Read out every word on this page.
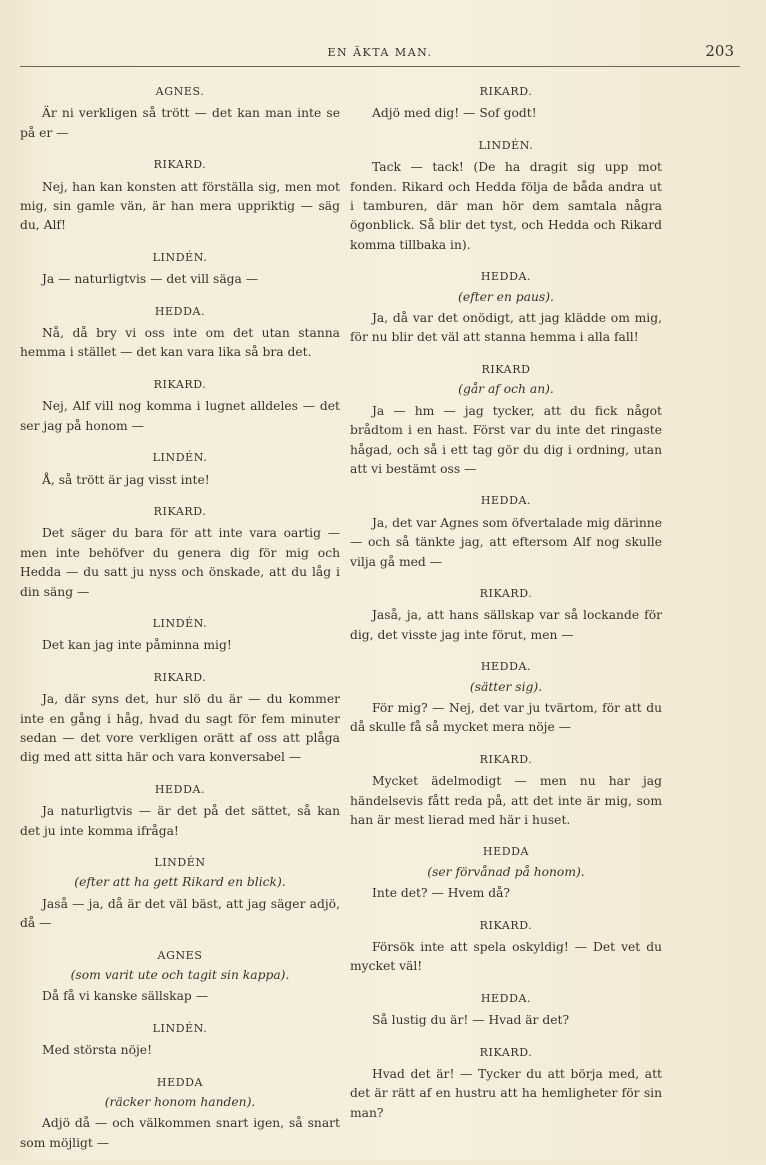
EN ÄKTA MAN.	203
AGNES.
Är ni verkligen så trött — det kan man inte se på er —
RIKARD.
Nej, han kan konsten att förställa sig, men mot mig, sin gamle vän, är han mera uppriktig — säg du, Alf!
LINDÉN.
Ja — naturligtvis — det vill säga —
HEDDA.
Nå, då bry vi oss inte om det utan stanna hemma i stället — det kan vara lika så bra det.
RIKARD.
Nej, Alf vill nog komma i lugnet alldeles — det ser jag på honom —
LINDÉN.
Å, så trött är jag visst inte!
RIKARD.
Det säger du bara för att inte vara oartig — men inte behöfver du genera dig för mig och Hedda — du satt ju nyss och önskade, att du låg i din säng —
LINDÉN.
Det kan jag inte påminna mig!
RIKARD.
Ja, där syns det, hur slö du är — du kommer inte en gång i håg, hvad du sagt för fem minuter sedan — det vore verkligen orätt af oss att plåga dig med att sitta här och vara konversabel —
HEDDA.
Ja naturligtvis — är det på det sättet, så kan det ju inte komma ifråga!
LINDÉN
(efter att ha gett Rikard en blick).
Jaså — ja, då är det väl bäst, att jag säger adjö, då —
AGNES
(som varit ute och tagit sin kappa).
Då få vi kanske sällskap —
LINDÉN.
Med största nöje!
HEDDA
(räcker honom handen).
Adjö då — och välkommen snart igen, så snart som möjligt —
RIKARD.
Adjö med dig! — Sof godt!
LINDÉN.
Tack — tack! (De ha dragit sig upp mot fonden. Rikard och Hedda följa de båda andra ut i tamburen, där man hör dem samtala några ögonblick. Så blir det tyst, och Hedda och Rikard komma tillbaka in).
HEDDA.
(efter en paus).
Ja, då var det onödigt, att jag klädde om mig, för nu blir det väl att stanna hemma i alla fall!
RIKARD
(går af och an).
Ja — hm — jag tycker, att du fick något brådtom i en hast. Först var du inte det ringaste hågad, och så i ett tag gör du dig i ordning, utan att vi bestämt oss —
HEDDA.
Ja, det var Agnes som öfvertalade mig därinne — och så tänkte jag, att eftersom Alf nog skulle vilja gå med —
RIKARD.
Jaså, ja, att hans sällskap var så lockande för dig, det visste jag inte förut, men —
HEDDA.
(sätter sig).
För mig? — Nej, det var ju tvärtom, för att du då skulle få så mycket mera nöje —
RIKARD.
Mycket ädelmodigt — men nu har jag händelsevis fått reda på, att det inte är mig, som han är mest lierad med här i huset.
HEDDA
(ser förvånad på honom).
Inte det? — Hvem då?
RIKARD.
Försök inte att spela oskyldig! — Det vet du mycket väl!
HEDDA.
Så lustig du är! — Hvad är det?
RIKARD.
Hvad det är! — Tycker du att börja med, att det är rätt af en hustru att ha hemligheter för sin man?
